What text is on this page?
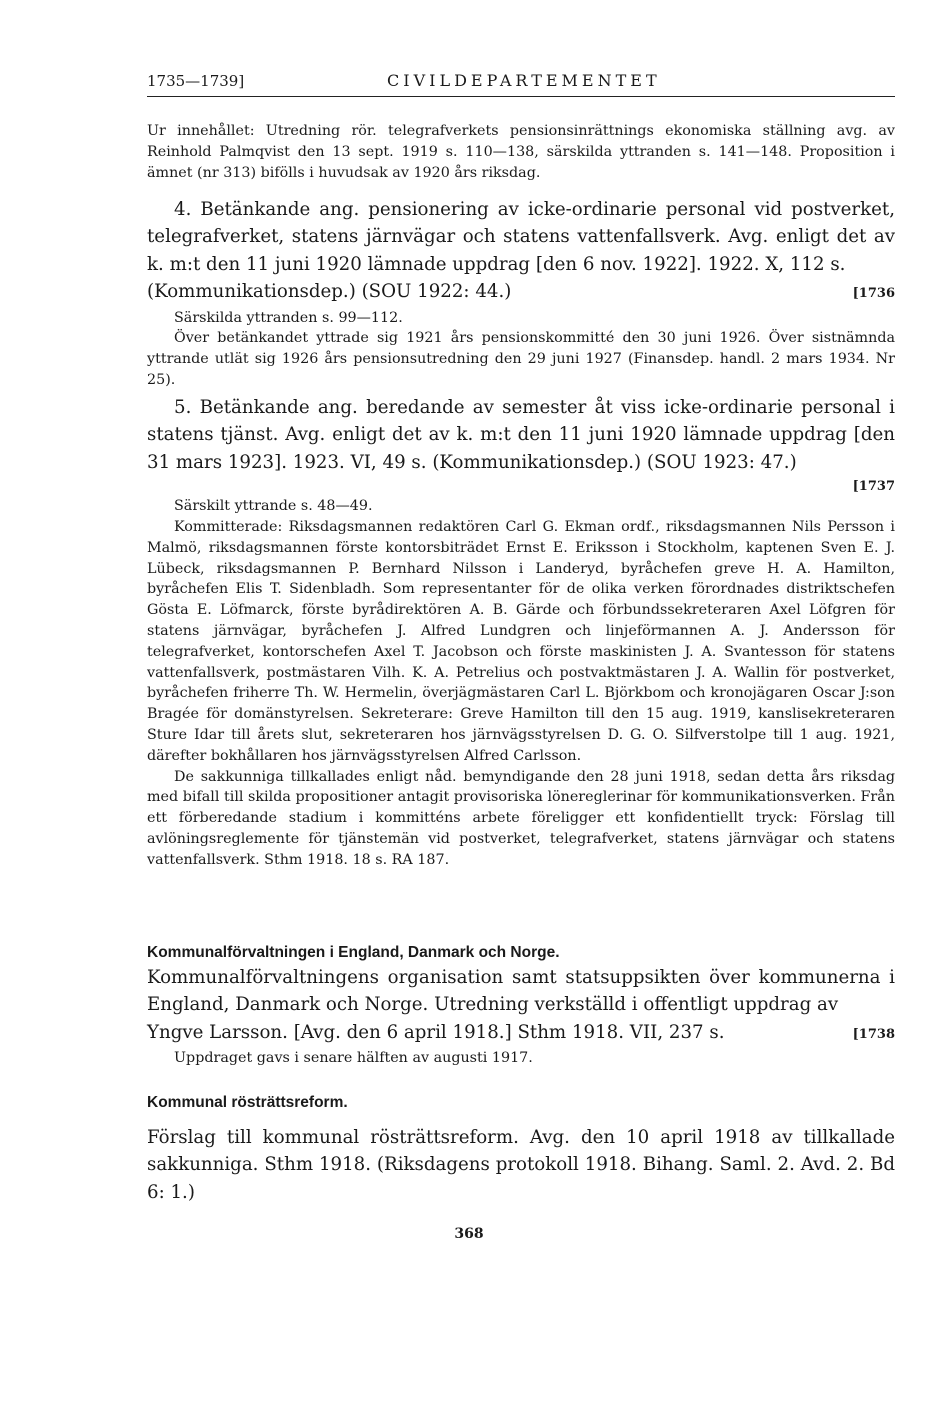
1735—1739]	CIVILDEPARTEMENTET

Ur innehållet: Utredning rör. telegrafverkets pensionsinrättnings ekonomiska ställning avg. av Reinhold Palmqvist den 13 sept. 1919 s. 110—138, särskilda yttranden s. 141—148. Proposition i ämnet (nr 313) bifölls i huvudsak av 1920 års riksdag.

4. Betänkande ang. pensionering av icke-ordinarie personal vid postverket, telegrafverket, statens järnvägar och statens vattenfallsverk. Avg. enligt det av k. m:t den 11 juni 1920 lämnade uppdrag [den 6 nov. 1922]. 1922. X, 112 s.

(Kommunikationsdep.) (SOU 1922: 44.)	[1736

Särskilda yttranden s. 99—112.

Över betänkandet yttrade sig 1921 års pensionskommitté den 30 juni 1926. Över sistnämnda yttrande utlät sig 1926 års pensionsutredning den 29 juni 1927 (Finansdep. handl. 2 mars 1934. Nr 25).

5. Betänkande ang. beredande av semester åt viss icke-ordinarie personal i statens tjänst. Avg. enligt det av k. m:t den 11 juni 1920 lämnade uppdrag [den 31 mars 1923]. 1923. VI, 49 s. (Kommunikationsdep.) (SOU 1923: 47.)

[1737

Särskilt yttrande s. 48—49.

Kommitterade: Riksdagsmannen redaktören Carl G. Ekman ordf., riksdagsmannen Nils Persson i Malmö, riksdagsmannen förste kontorsbiträdet Ernst E. Eriksson i Stockholm, kaptenen Sven E. J. Lübeck, riksdagsmannen P. Bernhard Nilsson i Landeryd, byråchefen greve H. A. Hamilton, byråchefen Elis T. Sidenbladh. Som representanter för de olika verken förordnades distriktschefen Gösta E. Löfmarck, förste byrådirektören A. B. Gärde och förbundssekreteraren Axel Löfgren för statens järnvägar, byråchefen J. Alfred Lundgren och linjeförmannen A. J. Andersson för telegrafverket, kontorschefen Axel T. Jacobson och förste maskinisten J. A. Svantesson för statens vattenfallsverk, postmästaren Vilh. K. A. Petrelius och postvaktmästaren J. A. Wallin för postverket, byråchefen friherre Th. W. Hermelin, överjägmästaren Carl L. Björkbom och kronojägaren Oscar J:son Bragée för domänstyrelsen. Sekreterare: Greve Hamilton till den 15 aug. 1919, kanslisekreteraren Sture Idar till årets slut, sekreteraren hos järnvägsstyrelsen D. G. O. Silfverstolpe till 1 aug. 1921, därefter bokhållaren hos järnvägsstyrelsen Alfred Carlsson.

De sakkunniga tillkallades enligt nåd. bemyndigande den 28 juni 1918, sedan detta års riksdag med bifall till skilda propositioner antagit provisoriska lönereglerinar för kommunikationsverken. Från ett förberedande stadium i kommitténs arbete föreligger ett konfidentiellt tryck: Förslag till avlöningsreglemente för tjänstemän vid postverket, telegrafverket, statens järnvägar och statens vattenfallsverk. Sthm 1918. 18 s. RA 187.

Kommunalförvaltningen i England, Danmark och Norge.

Kommunalförvaltningens organisation samt statsuppsikten över kommunerna i England, Danmark och Norge. Utredning verkställd i offentligt uppdrag av

Yngve Larsson. [Avg. den 6 april 1918.] Sthm 1918. VII, 237 s.	[1738

Uppdraget gavs i senare hälften av augusti 1917.

Kommunal rösträttsreform.

Förslag till kommunal rösträttsreform. Avg. den 10 april 1918 av tillkallade sakkunniga. Sthm 1918. (Riksdagens protokoll 1918. Bihang. Saml. 2. Avd. 2. Bd 6: 1.)

368
